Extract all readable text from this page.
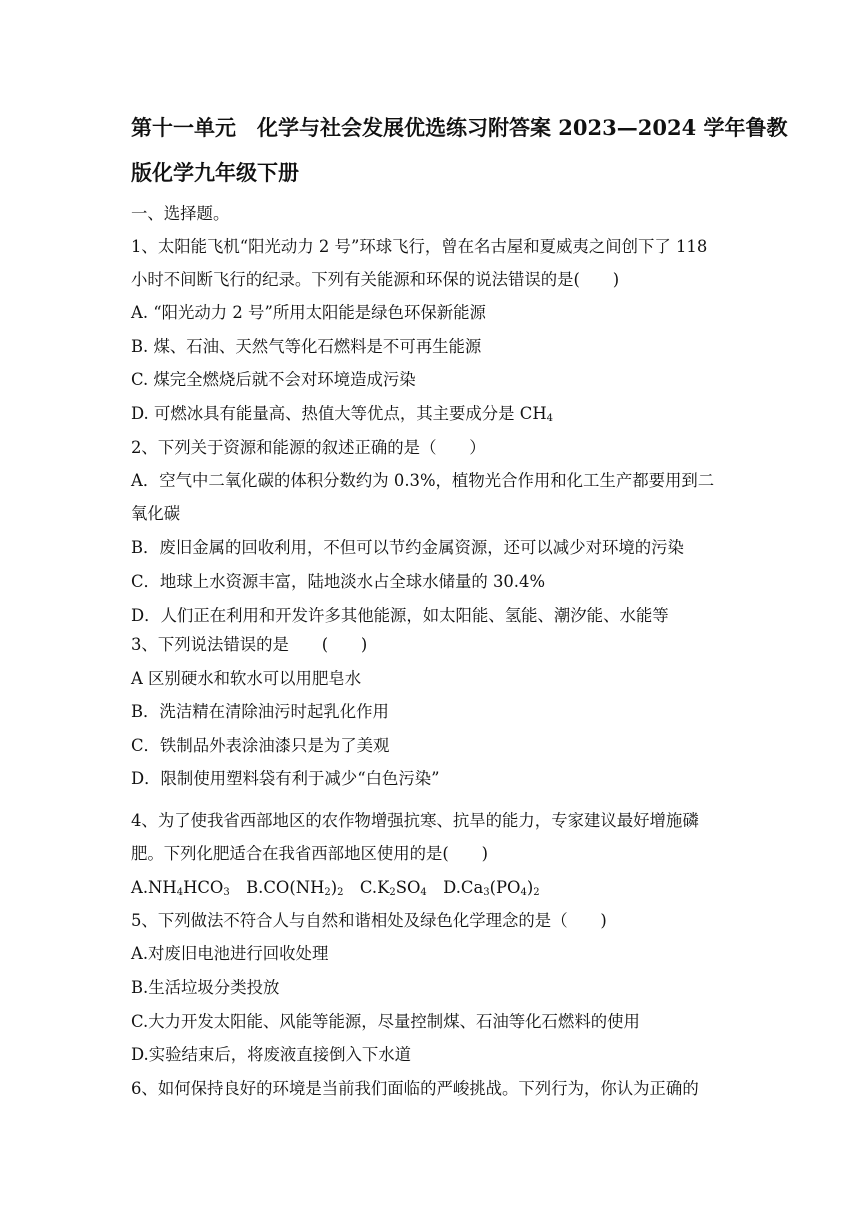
第十一单元　化学与社会发展优选练习附答案 2023—2024 学年鲁教
版化学九年级下册
一、选择题。
1、太阳能飞机“阳光动力 2 号”环球飞行，曾在名古屋和夏威夷之间创下了 118
小时不间断飞行的纪录。下列有关能源和环保的说法错误的是(　　)
A. “阳光动力 2 号”所用太阳能是绿色环保新能源
B. 煤、石油、天然气等化石燃料是不可再生能源
C. 煤完全燃烧后就不会对环境造成污染
D. 可燃冰具有能量高、热值大等优点，其主要成分是 $CH_4$
2、下列关于资源和能源的叙述正确的是（　　）
A．空气中二氧化碳的体积分数约为 0.3%，植物光合作用和化工生产都要用到二
氧化碳
B．废旧金属的回收利用，不但可以节约金属资源，还可以减少对环境的污染
C．地球上水资源丰富，陆地淡水占全球水储量的 30.4%
D．人们正在利用和开发许多其他能源，如太阳能、氢能、潮汐能、水能等
3、下列说法错误的是　　(　　)
A 区别硬水和软水可以用肥皂水
B．洗洁精在清除油污时起乳化作用
C．铁制品外表涂油漆只是为了美观
D．限制使用塑料袋有利于减少“白色污染”
4、为了使我省西部地区的农作物增强抗寒、抗旱的能力，专家建议最好增施磷
肥。下列化肥适合在我省西部地区使用的是(　　)
$A.NH_4HCO_3$　$B.CO(NH_2)_2$　$C.K_2SO_4$　$D.Ca_3(PO_4)_2$
5、下列做法不符合人与自然和谐相处及绿色化学理念的是（　　)
A.对废旧电池进行回收处理
B.生活垃圾分类投放
C.大力开发太阳能、风能等能源，尽量控制煤、石油等化石燃料的使用
D.实验结束后，将废液直接倒入下水道
6、如何保持良好的环境是当前我们面临的严峻挑战。下列行为，你认为正确的
